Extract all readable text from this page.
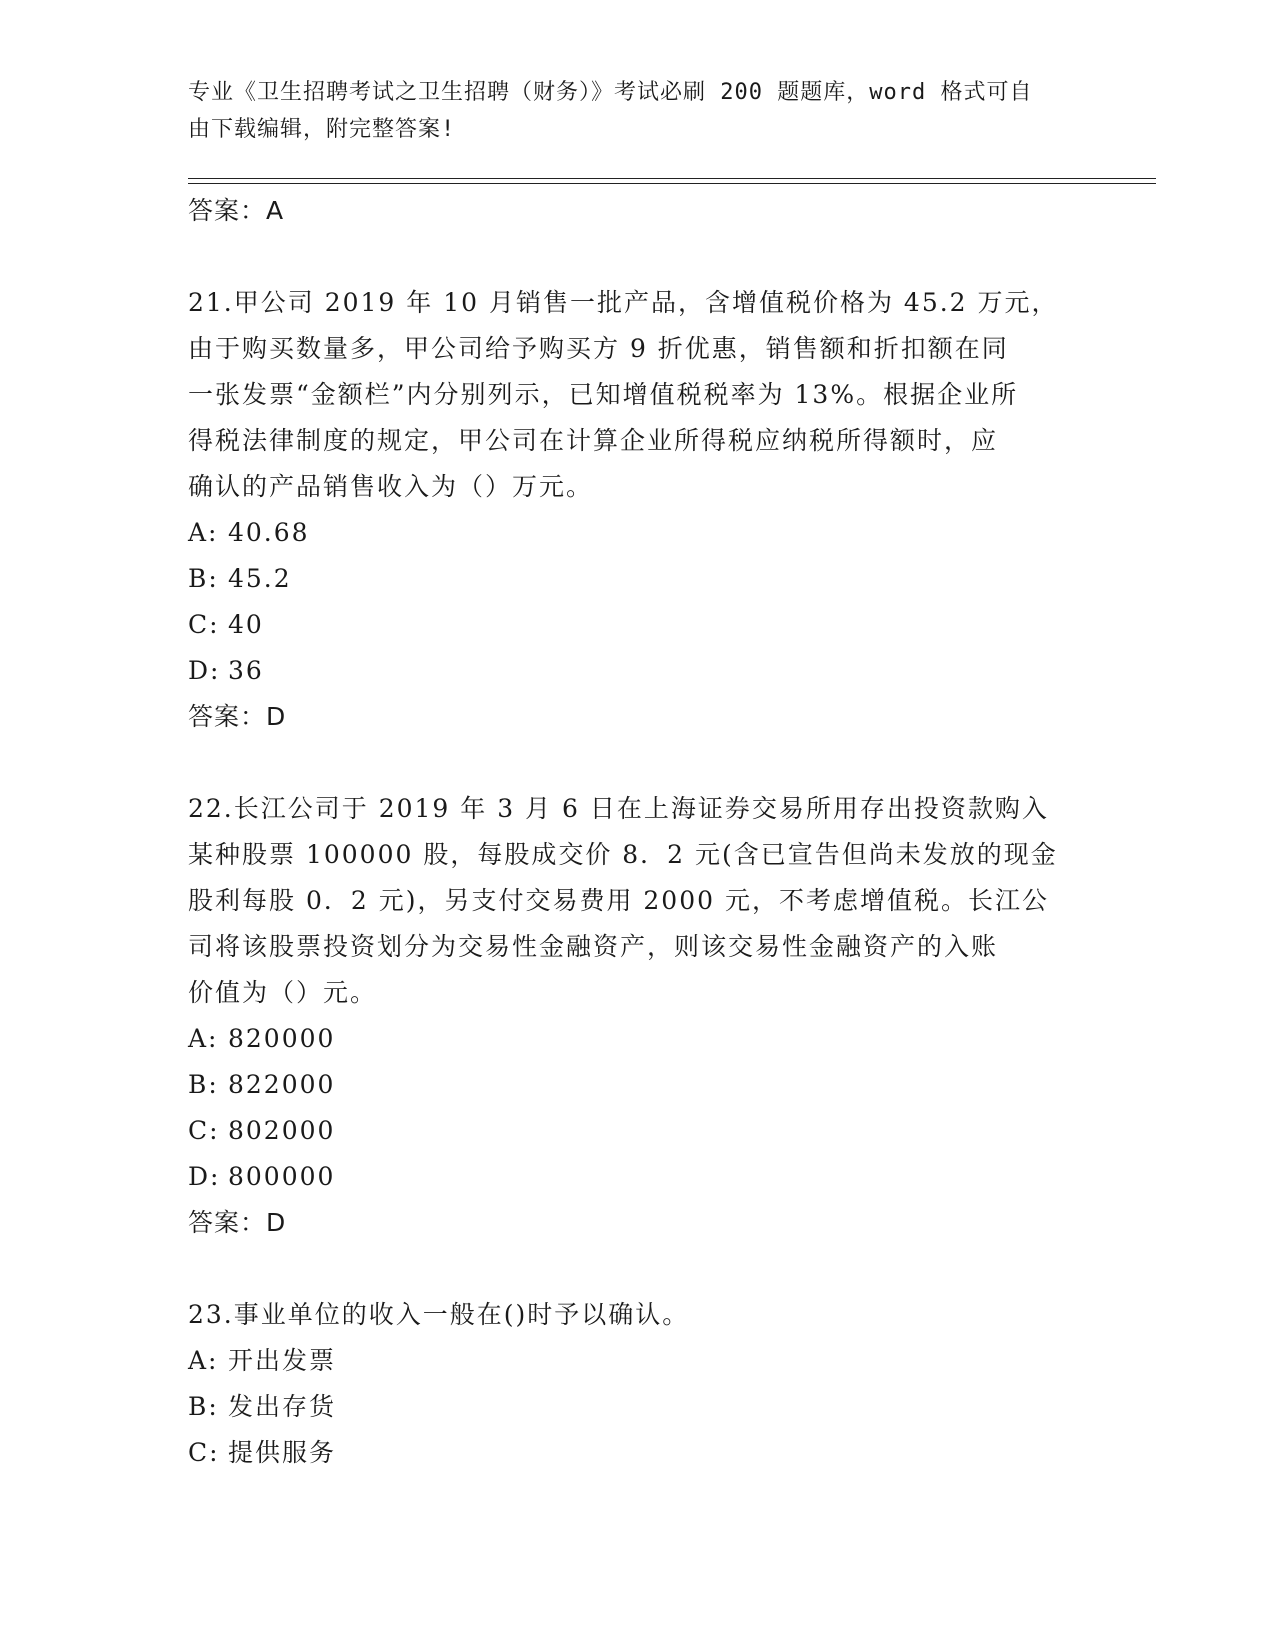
专业《卫生招聘考试之卫生招聘（财务）》考试必刷 200 题题库，word 格式可自
由下载编辑，附完整答案!
答案：A
21.甲公司 2019 年 10 月销售一批产品，含增值税价格为 45.2 万元，
由于购买数量多，甲公司给予购买方 9 折优惠，销售额和折扣额在同
一张发票“金额栏”内分别列示，已知增值税税率为 13%。根据企业所
得税法律制度的规定，甲公司在计算企业所得税应纳税所得额时，应
确认的产品销售收入为（）万元。
A: 40.68
B: 45.2
C: 40
D: 36
答案：D
22.长江公司于 2019 年 3 月 6 日在上海证券交易所用存出投资款购入
某种股票 100000 股，每股成交价 8．2 元(含已宣告但尚未发放的现金
股利每股 0．2 元)，另支付交易费用 2000 元，不考虑增值税。长江公
司将该股票投资划分为交易性金融资产，则该交易性金融资产的入账
价值为（）元。
A: 820000
B: 822000
C: 802000
D: 800000
答案：D
23.事业单位的收入一般在()时予以确认。
A: 开出发票
B: 发出存货
C: 提供服务
